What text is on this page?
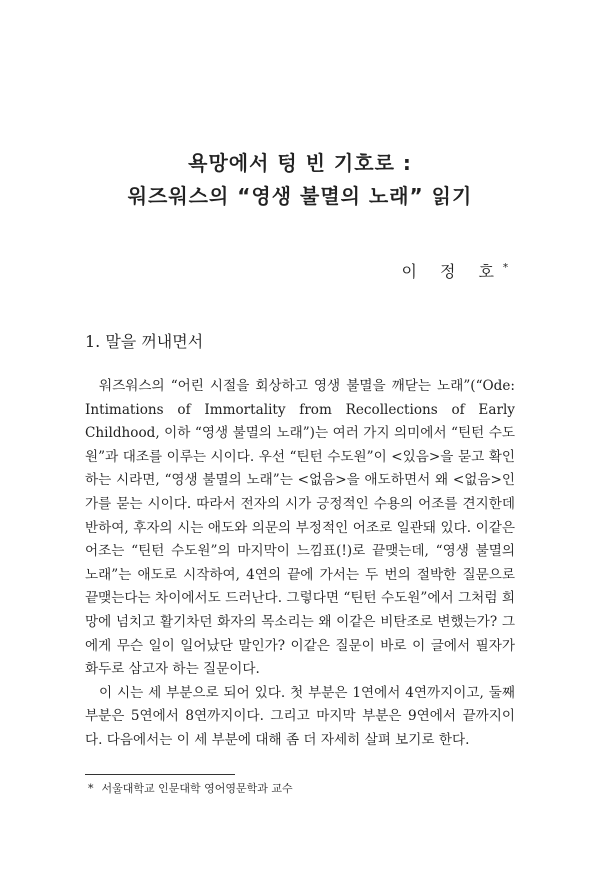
욕망에서 텅 빈 기호로 :
워즈워스의 “영생 불멸의 노래” 읽기
이 정 호*
1. 말을 꺼내면서

워즈워스의 “어린 시절을 회상하고 영생 불멸을 깨닫는 노래”(“Ode: Intimations of Immortality from Recollections of Early Childhood, 이하 “영생 불멸의 노래”)는 여러 가지 의미에서 “틴턴 수도원”과 대조를 이루는 시이다. 우선 “틴턴 수도원”이 <있음>을 묻고 확인하는 시라면, “영생 불멸의 노래”는 <없음>을 애도하면서 왜 <없음>인가를 묻는 시이다. 따라서 전자의 시가 긍정적인 수용의 어조를 견지한데 반하여, 후자의 시는 애도와 의문의 부정적인 어조로 일관돼 있다. 이같은 어조는 “틴턴 수도원”의 마지막이 느낌표(!)로 끝맺는데, “영생 불멸의 노래”는 애도로 시작하여, 4연의 끝에 가서는 두 번의 절박한 질문으로 끝맺는다는 차이에서도 드러난다. 그렇다면 “틴턴 수도원”에서 그처럼 희망에 넘치고 활기차던 화자의 목소리는 왜 이같은 비탄조로 변했는가? 그에게 무슨 일이 일어났단 말인가? 이같은 질문이 바로 이 글에서 필자가 화두로 삼고자 하는 질문이다.

이 시는 세 부분으로 되어 있다. 첫 부분은 1연에서 4연까지이고, 둘째 부분은 5연에서 8연까지이다. 그리고 마지막 부분은 9연에서 끝까지이다. 다음에서는 이 세 부분에 대해 좀 더 자세히 살펴 보기로 한다.

* 서울대학교 인문대학 영어영문학과 교수
